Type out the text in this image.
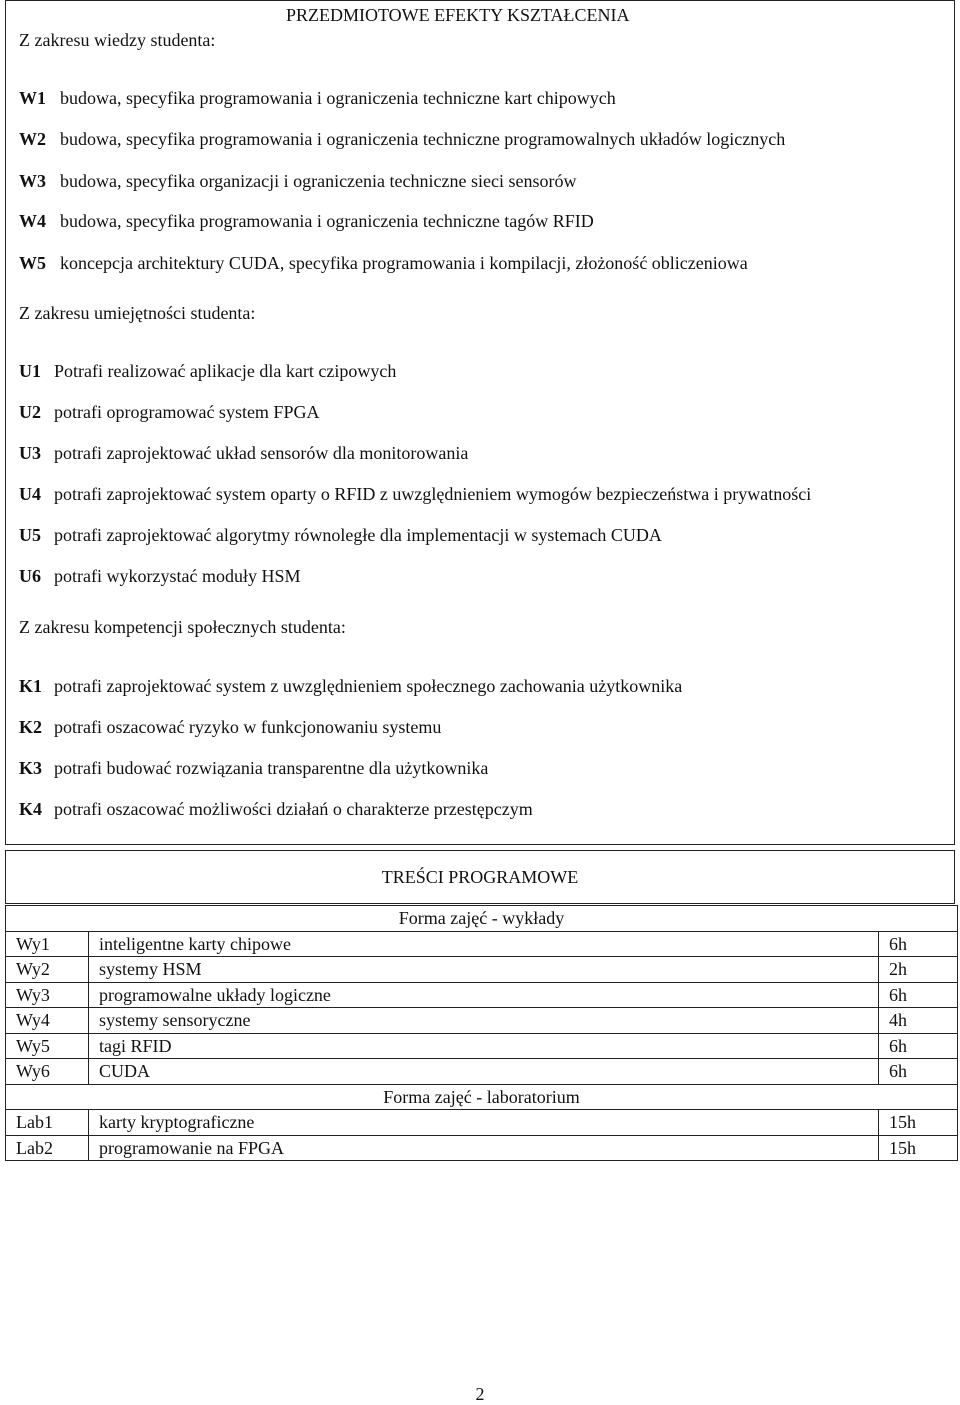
Z zakresu wiedzy studenta:
PRZEDMIOTOWE EFEKTY KSZTAŁCENIA
W1 budowa, specyfika programowania i ograniczenia techniczne kart chipowych
W2 budowa, specyfika programowania i ograniczenia techniczne programowalnych układów logicznych
W3 budowa, specyfika organizacji i ograniczenia techniczne sieci sensorów
W4 budowa, specyfika programowania i ograniczenia techniczne tagów RFID
W5 koncepcja architektury CUDA, specyfika programowania i kompilacji, złożoność obliczeniowa
Z zakresu umiejętności studenta:
U1 Potrafi realizować aplikacje dla kart czipowych
U2 potrafi oprogramować system FPGA
U3 potrafi zaprojektować układ sensorów dla monitorowania
U4 potrafi zaprojektować system oparty o RFID z uwzględnieniem wymogów bezpieczeństwa i prywatności
U5 potrafi zaprojektować algorytmy równoległe dla implementacji w systemach CUDA
U6 potrafi wykorzystać moduły HSM
Z zakresu kompetencji społecznych studenta:
K1 potrafi zaprojektować system z uwzględnieniem społecznego zachowania użytkownika
K2 potrafi oszacować ryzyko w funkcjonowaniu systemu
K3 potrafi budować rozwiązania transparentne dla użytkownika
K4 potrafi oszacować możliwości działań o charakterze przestępczym
TREŚCI PROGRAMOWE
Forma zajęć - wykłady		
Wy1	inteligentne karty chipowe	6h
Wy2	systemy HSM	2h
Wy3	programowalne układy logiczne	6h
Wy4	systemy sensoryczne	4h
Wy5	tagi RFID	6h
Wy6	CUDA	6h
Forma zajęć - laboratorium		
Lab1	karty kryptograficzne	15h
Lab2	programowanie na FPGA	15h
2
